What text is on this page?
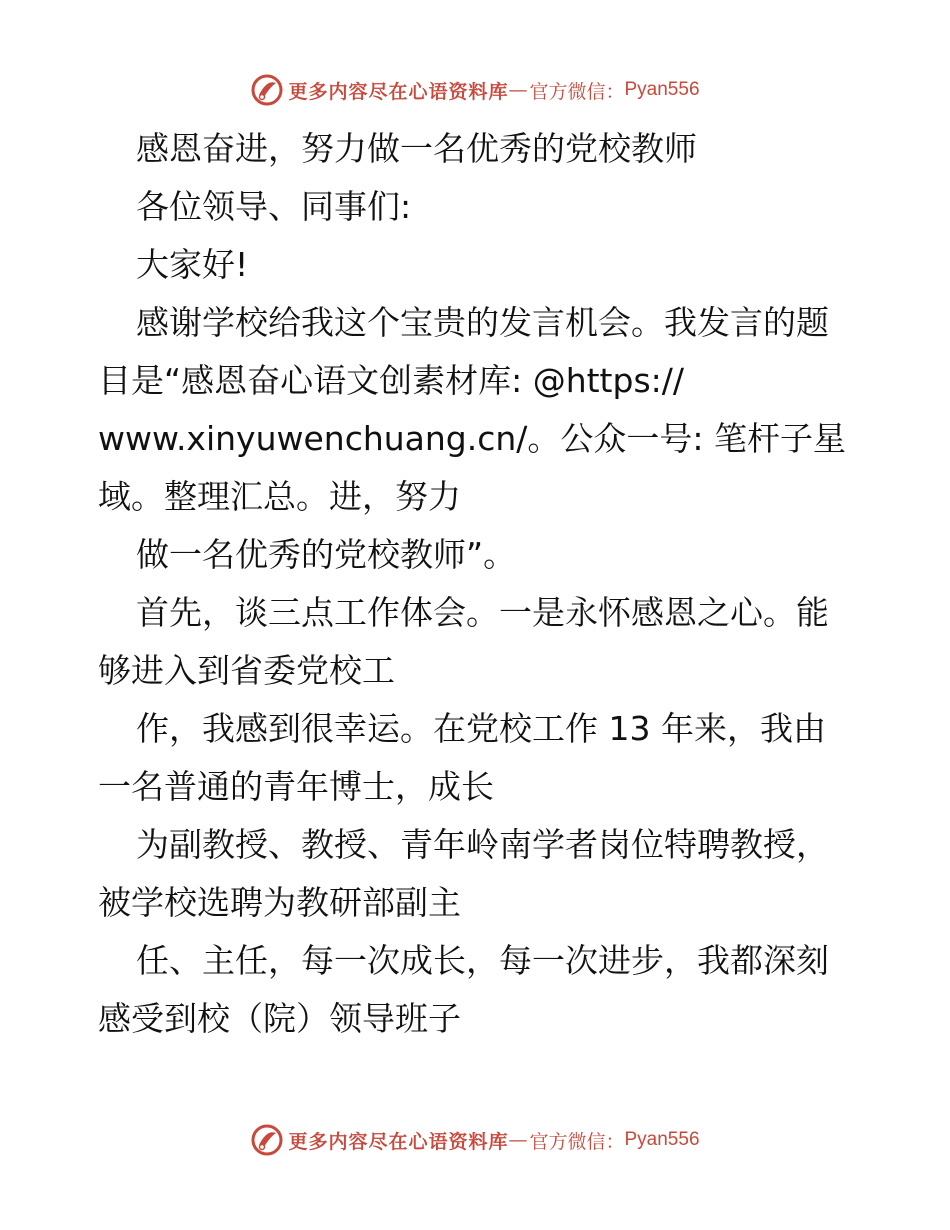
更多内容尽在心语资料库 — 官方微信： Pyan556

感恩奋进，努力做一名优秀的党校教师

各位领导、同事们:

大家好!

感谢学校给我这个宝贵的发言机会。我发言的题目是“感恩奋心语文创素材库: @https:// www.xinyuwenchuang.cn/。公众一号: 笔杆子星域。整理汇总。进，努力

做一名优秀的党校教师”。

首先，谈三点工作体会。一是永怀感恩之心。能够进入到省委党校工

作，我感到很幸运。在党校工作 13 年来，我由一名普通的青年博士，成长

为副教授、教授、青年岭南学者岗位特聘教授，被学校选聘为教研部副主

任、主任，每一次成长，每一次进步，我都深刻感受到校（院）领导班子

更多内容尽在心语资料库 — 官方微信： Pyan556
